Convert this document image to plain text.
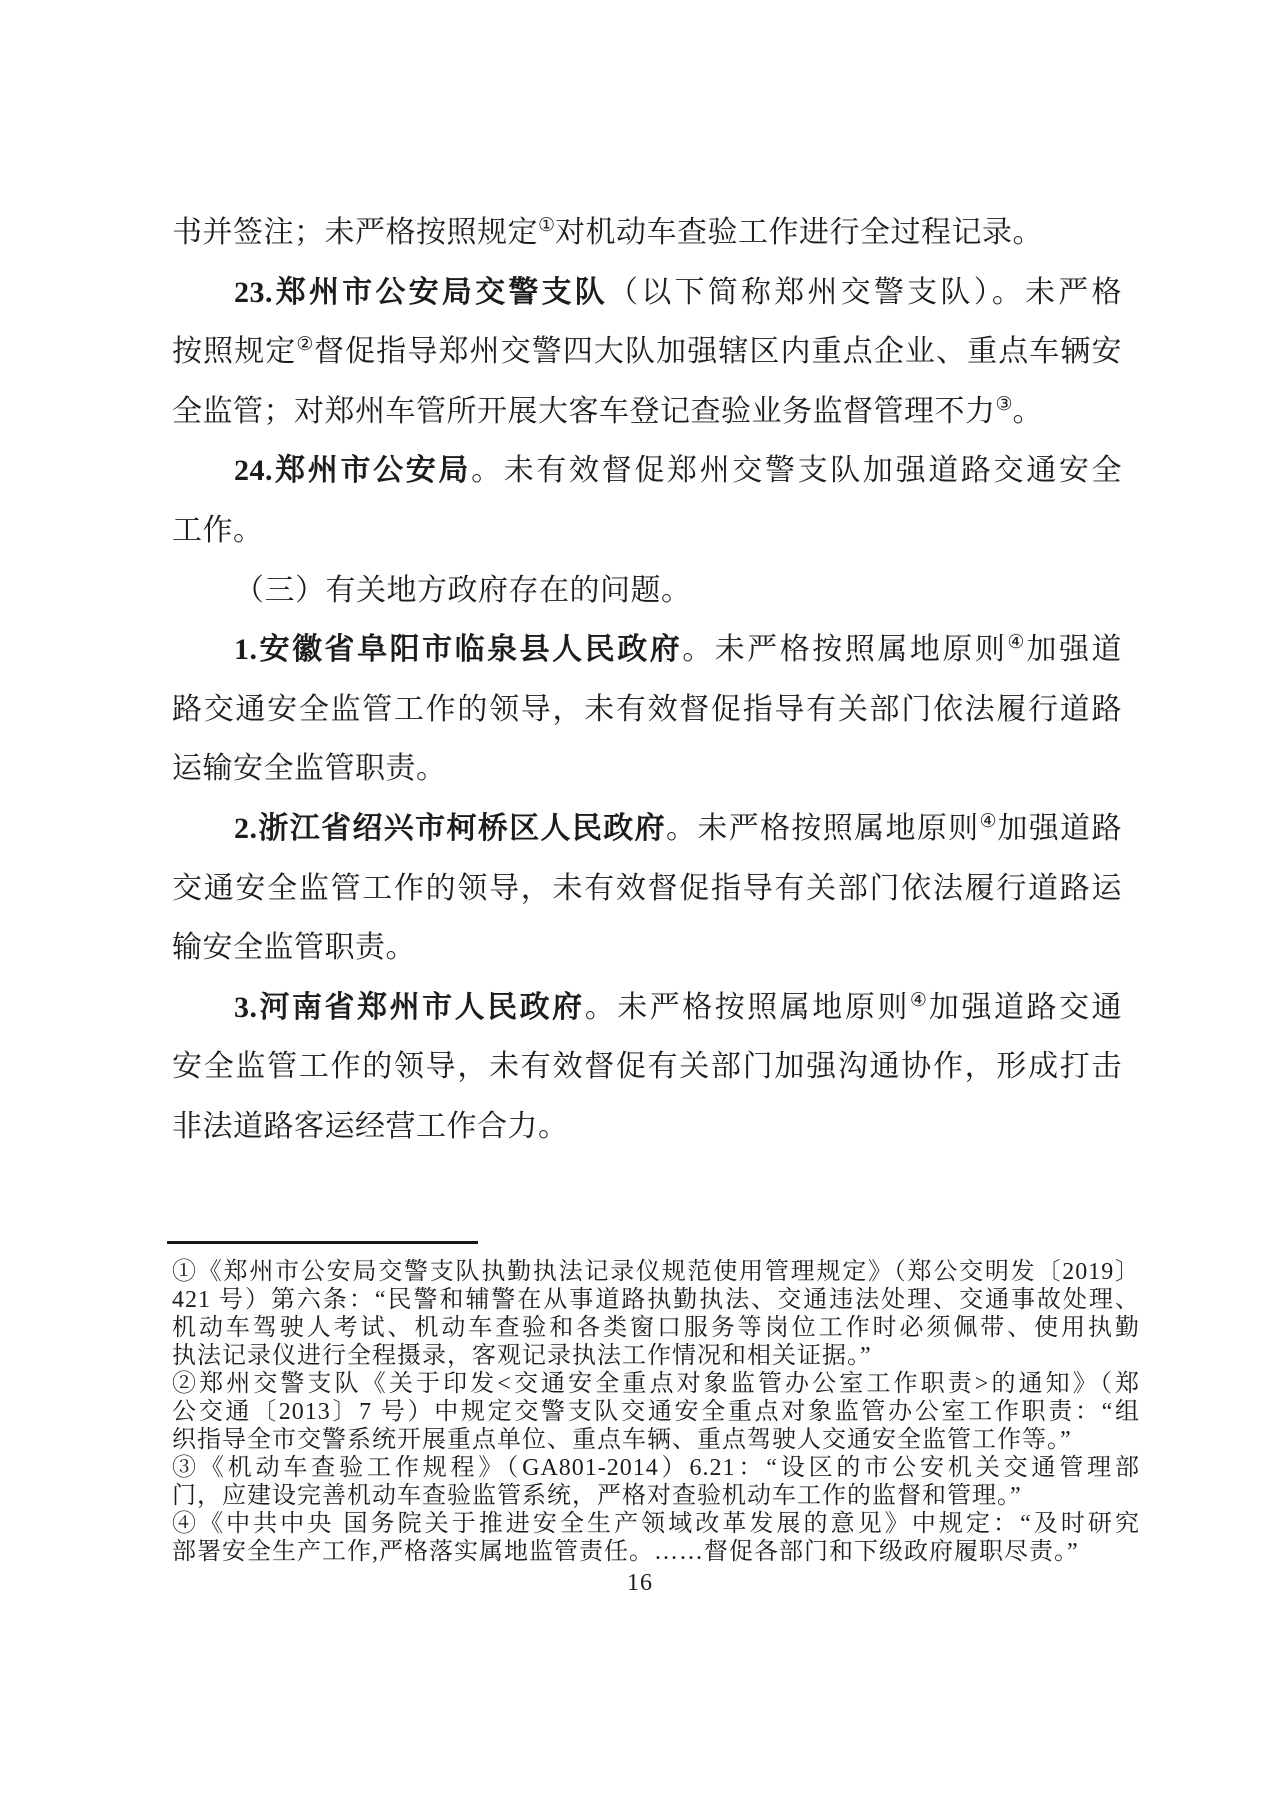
书并签注；未严格按照规定①对机动车查验工作进行全过程记录。
23.郑州市公安局交警支队（以下简称郑州交警支队）。未严格
按照规定②督促指导郑州交警四大队加强辖区内重点企业、重点车辆安
全监管；对郑州车管所开展大客车登记查验业务监督管理不力③。
24.郑州市公安局。未有效督促郑州交警支队加强道路交通安全
工作。
（三）有关地方政府存在的问题。
1.安徽省阜阳市临泉县人民政府。未严格按照属地原则④加强道
路交通安全监管工作的领导，未有效督促指导有关部门依法履行道路
运输安全监管职责。
2.浙江省绍兴市柯桥区人民政府。未严格按照属地原则④加强道路
交通安全监管工作的领导，未有效督促指导有关部门依法履行道路运
输安全监管职责。
3.河南省郑州市人民政府。未严格按照属地原则④加强道路交通
安全监管工作的领导，未有效督促有关部门加强沟通协作，形成打击
非法道路客运经营工作合力。
①《郑州市公安局交警支队执勤执法记录仪规范使用管理规定》（郑公交明发〔2019〕
421 号）第六条：“民警和辅警在从事道路执勤执法、交通违法处理、交通事故处理、
机动车驾驶人考试、机动车查验和各类窗口服务等岗位工作时必须佩带、使用执勤
执法记录仪进行全程摄录，客观记录执法工作情况和相关证据。”
②郑州交警支队《关于印发<交通安全重点对象监管办公室工作职责>的通知》（郑
公交通〔2013〕7 号）中规定交警支队交通安全重点对象监管办公室工作职责：“组
织指导全市交警系统开展重点单位、重点车辆、重点驾驶人交通安全监管工作等。”
③《机动车查验工作规程》（GA801-2014）6.21：“设区的市公安机关交通管理部
门，应建设完善机动车查验监管系统，严格对查验机动车工作的监督和管理。”
④《中共中央 国务院关于推进安全生产领域改革发展的意见》中规定：“及时研究
部署安全生产工作,严格落实属地监管责任。……督促各部门和下级政府履职尽责。”
16
